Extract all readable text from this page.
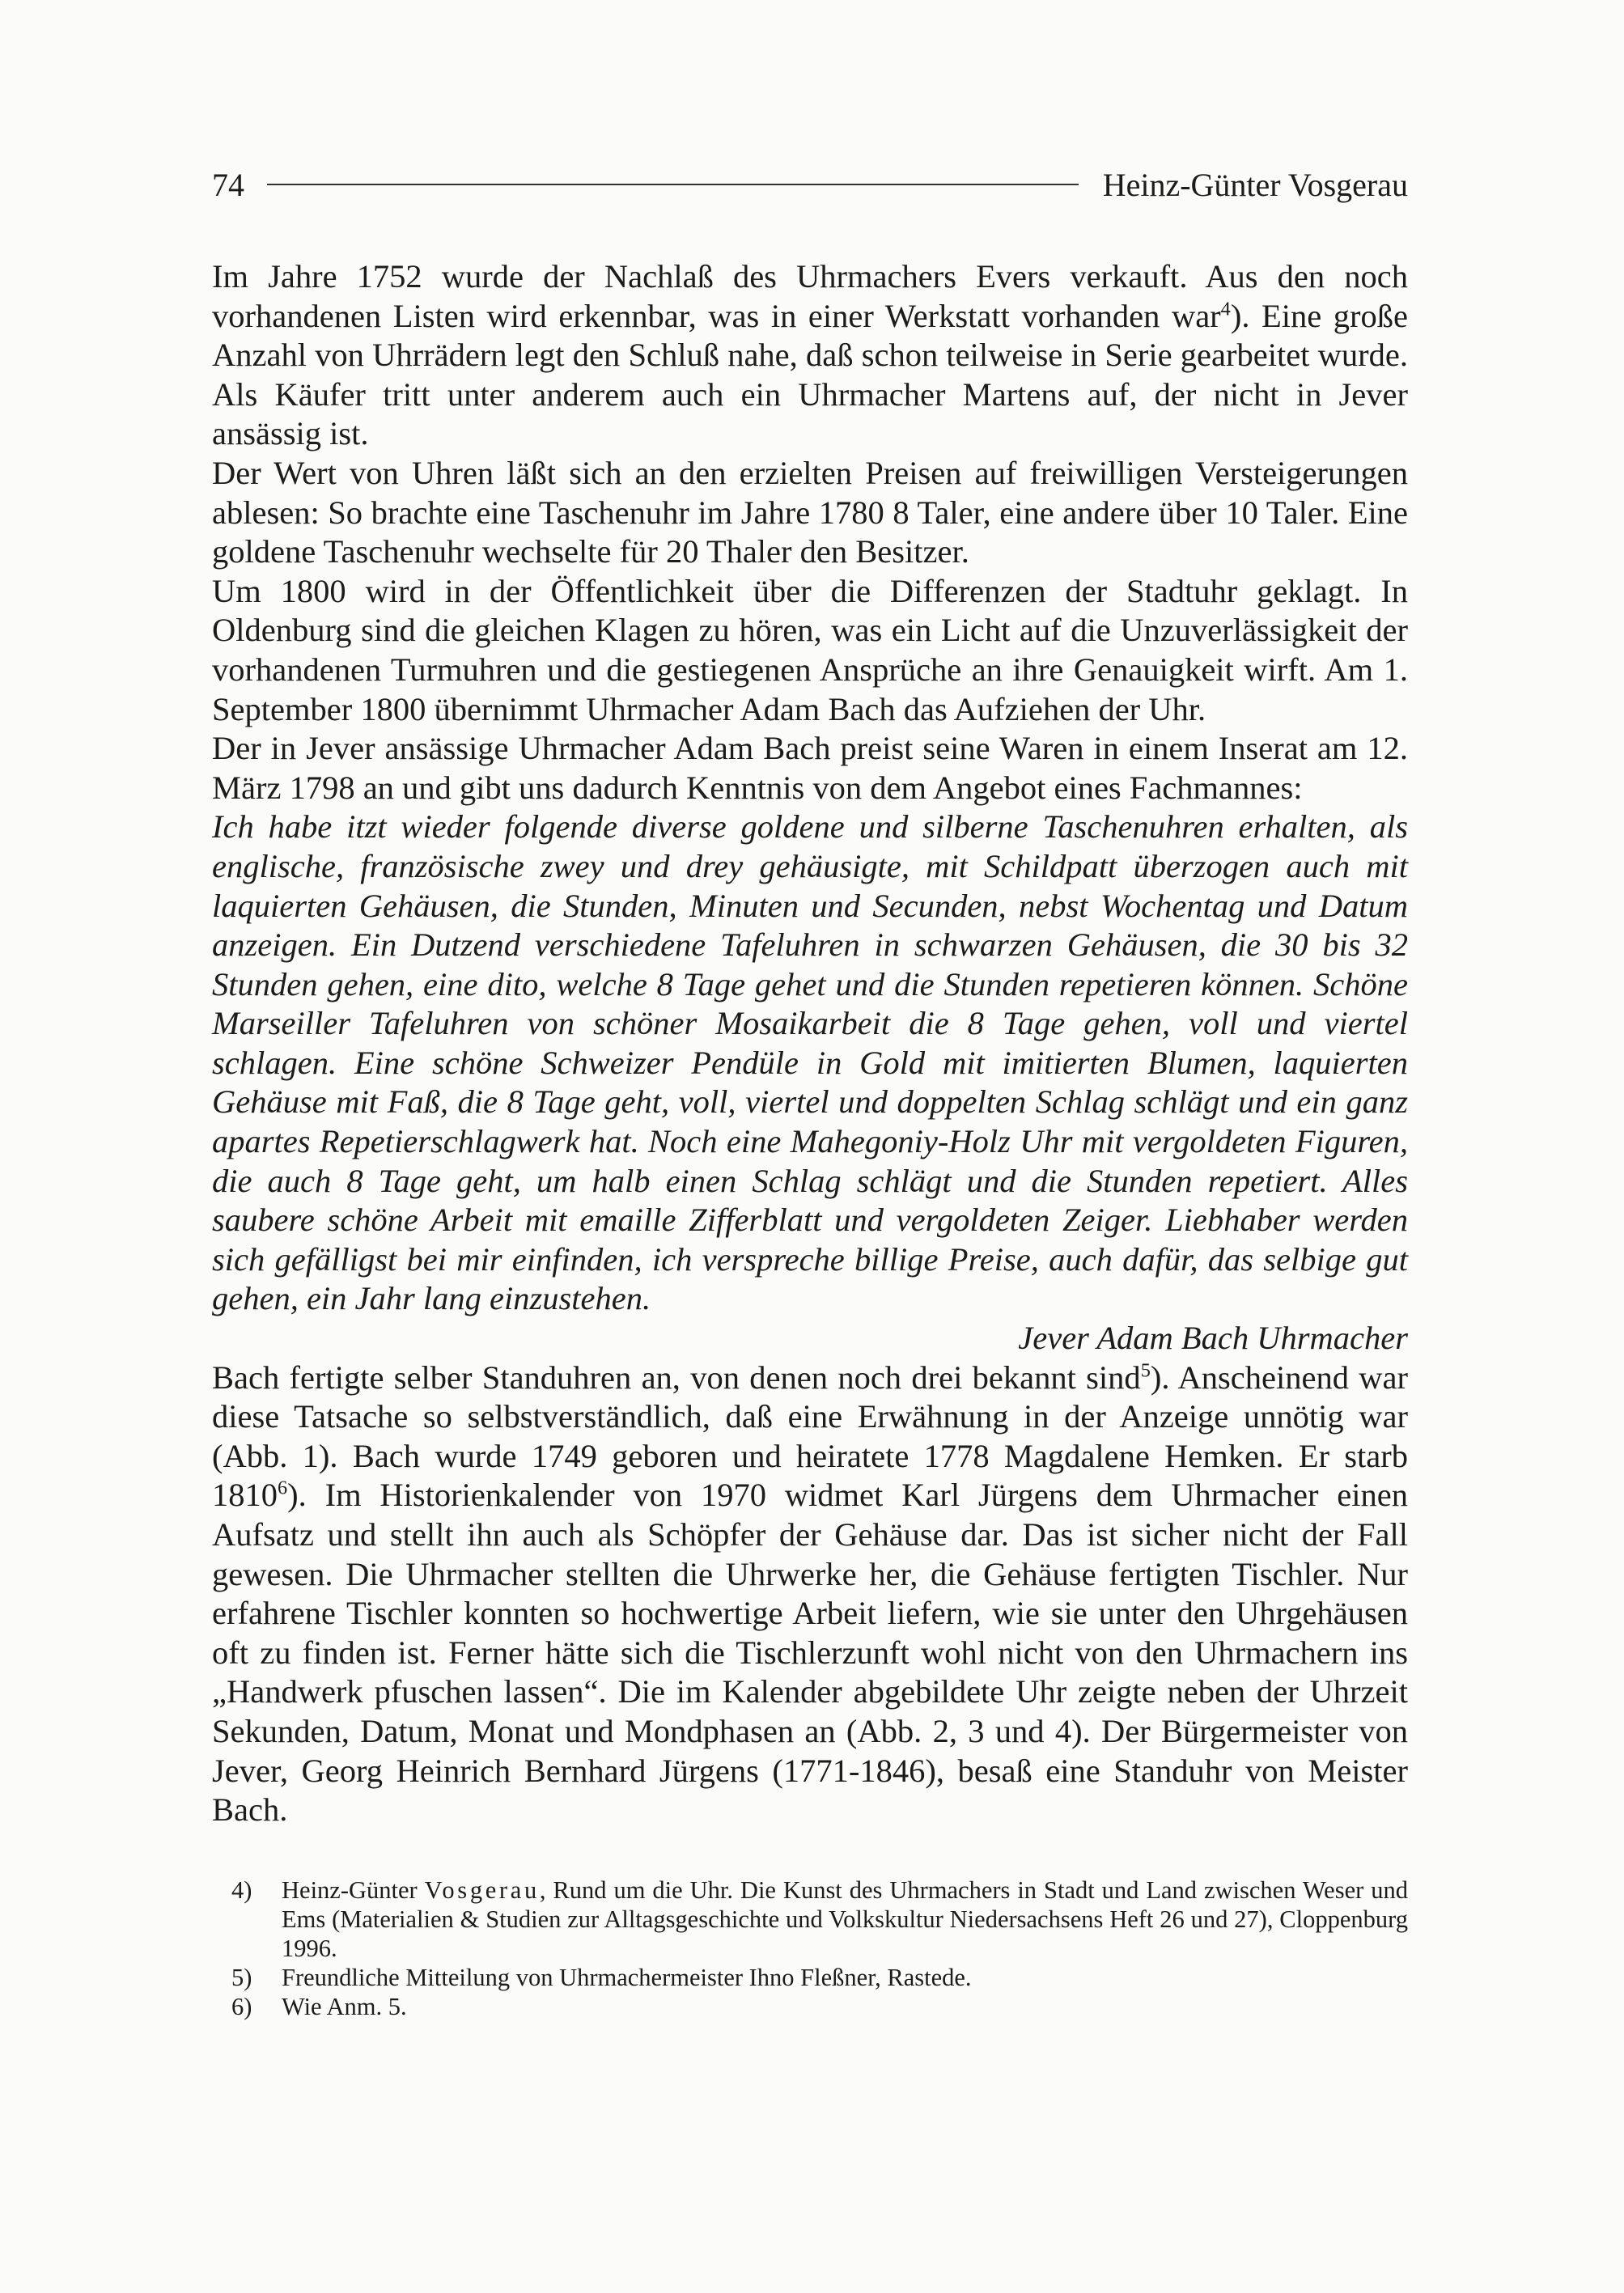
74	Heinz-Günter Vosgerau

Im Jahre 1752 wurde der Nachlaß des Uhrmachers Evers verkauft. Aus den noch vorhandenen Listen wird erkennbar, was in einer Werkstatt vorhanden war$^4$). Eine große Anzahl von Uhrrädern legt den Schluß nahe, daß schon teilweise in Serie gearbeitet wurde. Als Käufer tritt unter anderem auch ein Uhrmacher Martens auf, der nicht in Jever ansässig ist.

Der Wert von Uhren läßt sich an den erzielten Preisen auf freiwilligen Versteigerungen ablesen: So brachte eine Taschenuhr im Jahre 1780 8 Taler, eine andere über 10 Taler. Eine goldene Taschenuhr wechselte für 20 Thaler den Besitzer.

Um 1800 wird in der Öffentlichkeit über die Differenzen der Stadtuhr geklagt. In Oldenburg sind die gleichen Klagen zu hören, was ein Licht auf die Unzuverlässigkeit der vorhandenen Turmuhren und die gestiegenen Ansprüche an ihre Genauigkeit wirft. Am 1. September 1800 übernimmt Uhrmacher Adam Bach das Aufziehen der Uhr.

Der in Jever ansässige Uhrmacher Adam Bach preist seine Waren in einem Inserat am 12. März 1798 an und gibt uns dadurch Kenntnis von dem Angebot eines Fachmannes:

Ich habe itzt wieder folgende diverse goldene und silberne Taschenuhren erhalten, als englische, französische zwey und drey gehäusigte, mit Schildpatt überzogen auch mit laquierten Gehäusen, die Stunden, Minuten und Secunden, nebst Wochentag und Datum anzeigen. Ein Dutzend verschiedene Tafeluhren in schwarzen Gehäusen, die 30 bis 32 Stunden gehen, eine dito, welche 8 Tage gehet und die Stunden repetieren können. Schöne Marseiller Tafeluhren von schöner Mosaikarbeit die 8 Tage gehen, voll und viertel schlagen. Eine schöne Schweizer Pendüle in Gold mit imitierten Blumen, laquierten Gehäuse mit Faß, die 8 Tage geht, voll, viertel und doppelten Schlag schlägt und ein ganz apartes Repetierschlagwerk hat. Noch eine Mahegoniy-Holz Uhr mit vergoldeten Figuren, die auch 8 Tage geht, um halb einen Schlag schlägt und die Stunden repetiert. Alles saubere schöne Arbeit mit emaille Zifferblatt und vergoldeten Zeiger. Liebhaber werden sich gefälligst bei mir einfinden, ich verspreche billige Preise, auch dafür, das selbige gut gehen, ein Jahr lang einzustehen.

Jever Adam Bach Uhrmacher

Bach fertigte selber Standuhren an, von denen noch drei bekannt sind$^5$). Anscheinend war diese Tatsache so selbstverständlich, daß eine Erwähnung in der Anzeige unnötig war (Abb. 1). Bach wurde 1749 geboren und heiratete 1778 Magdalene Hemken. Er starb 1810$^6$). Im Historienkalender von 1970 widmet Karl Jürgens dem Uhrmacher einen Aufsatz und stellt ihn auch als Schöpfer der Gehäuse dar. Das ist sicher nicht der Fall gewesen. Die Uhrmacher stellten die Uhrwerke her, die Gehäuse fertigten Tischler. Nur erfahrene Tischler konnten so hochwertige Arbeit liefern, wie sie unter den Uhrgehäusen oft zu finden ist. Ferner hätte sich die Tischlerzunft wohl nicht von den Uhrmachern ins „Handwerk pfuschen lassen“. Die im Kalender abgebildete Uhr zeigte neben der Uhrzeit Sekunden, Datum, Monat und Mondphasen an (Abb. 2, 3 und 4). Der Bürgermeister von Jever, Georg Heinrich Bernhard Jürgens (1771-1846), besaß eine Standuhr von Meister Bach.

4)	Heinz-Günter Vosgerau, Rund um die Uhr. Die Kunst des Uhrmachers in Stadt und Land zwischen Weser und Ems (Materialien & Studien zur Alltagsgeschichte und Volkskultur Niedersachsens Heft 26 und 27), Cloppenburg 1996.
5)	Freundliche Mitteilung von Uhrmachermeister Ihno Fleßner, Rastede.
6)	Wie Anm. 5.
